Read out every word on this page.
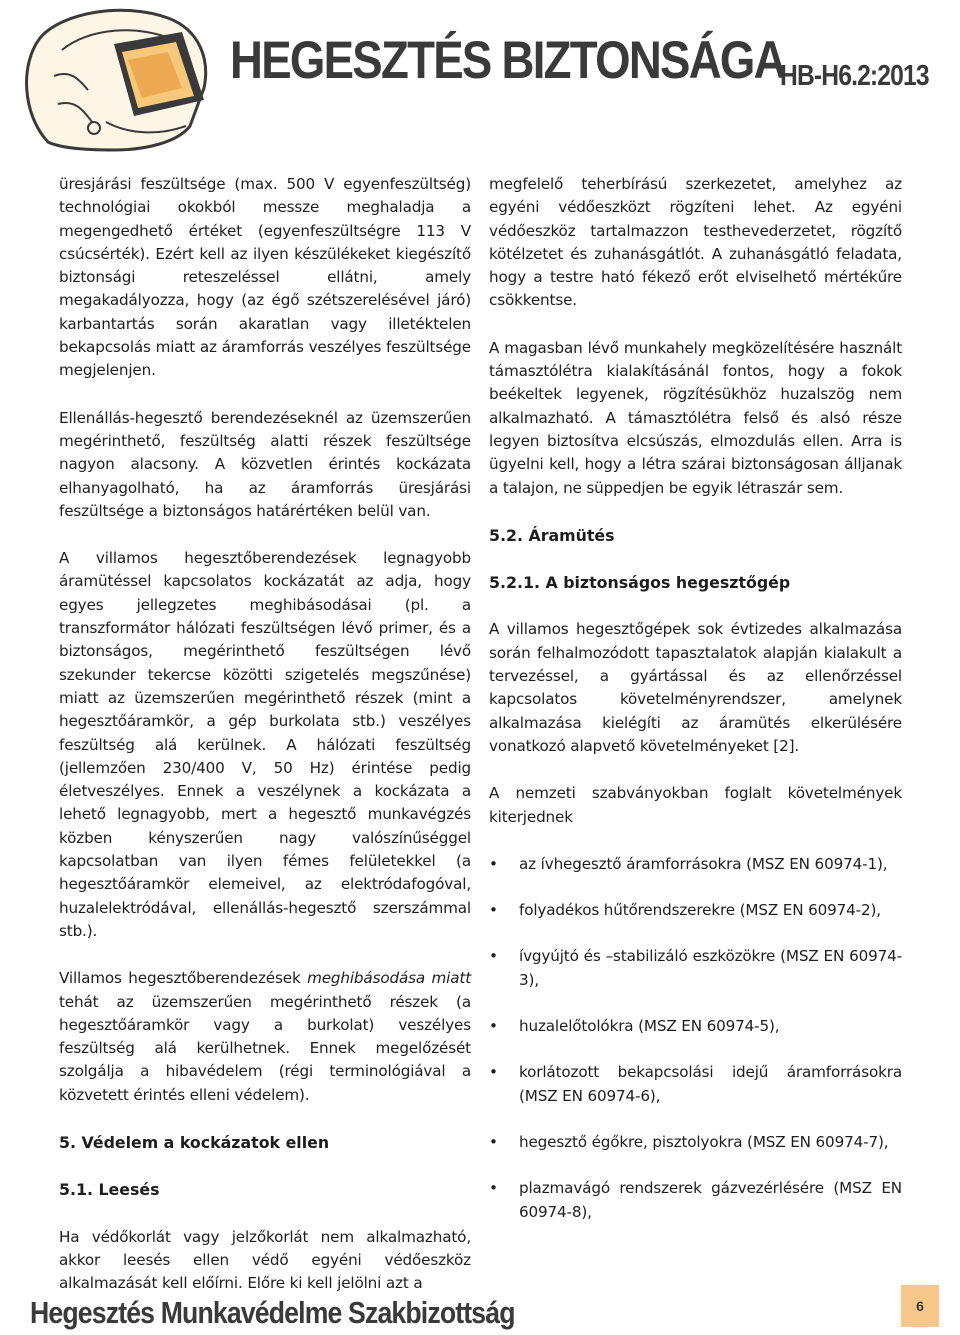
HEGESZTÉS BIZTONSÁGA
HB-H6.2:2013

üresjárási feszültsége (max. 500 V egyenfeszültség) technológiai okokból messze meghaladja a megengedhető értéket (egyenfeszültségre 113 V csúcsérték). Ezért kell az ilyen készülékeket kiegészítő biztonsági reteszeléssel ellátni, amely megakadályozza, hogy (az égő szétszerelésével járó) karbantartás során akaratlan vagy illetéktelen bekapcsolás miatt az áramforrás veszélyes feszültsége megjelenjen.

Ellenállás-hegesztő berendezéseknél az üzemszerűen megérinthető, feszültség alatti részek feszültsége nagyon alacsony. A közvetlen érintés kockázata elhanyagolható, ha az áramforrás üresjárási feszültsége a biztonságos határértéken belül van.

A villamos hegesztőberendezések legnagyobb áramütéssel kapcsolatos kockázatát az adja, hogy egyes jellegzetes meghibásodásai (pl. a transzformátor hálózati feszültségen lévő primer, és a biztonságos, megérinthető feszültségen lévő szekunder tekercse közötti szigetelés megszűnése) miatt az üzemszerűen megérinthető részek (mint a hegesztőáramkör, a gép burkolata stb.) veszélyes feszültség alá kerülnek. A hálózati feszültség (jellemzően 230/400 V, 50 Hz) érintése pedig életveszélyes. Ennek a veszélynek a kockázata a lehető legnagyobb, mert a hegesztő munkavégzés közben kényszerűen nagy valószínűséggel kapcsolatban van ilyen fémes felületekkel (a hegesztőáramkör elemeivel, az elektródafogóval, huzalelektródával, ellenállás-hegesztő szerszámmal stb.).

Villamos hegesztőberendezések meghibásodása miatt tehát az üzemszerűen megérinthető részek (a hegesztőáramkör vagy a burkolat) veszélyes feszültség alá kerülhetnek. Ennek megelőzését szolgálja a hibavédelem (régi terminológiával a közvetett érintés elleni védelem).

5. Védelem a kockázatok ellen
5.1. Leesés

Ha védőkorlát vagy jelzőkorlát nem alkalmazható, akkor leesés ellen védő egyéni védőeszköz alkalmazását kell előírni. Előre ki kell jelölni azt a

megfelelő teherbírású szerkezetet, amelyhez az egyéni védőeszközt rögzíteni lehet. Az egyéni védőeszköz tartalmazzon testhevederzetet, rögzítő kötélzetet és zuhanásgátlót. A zuhanásgátló feladata, hogy a testre ható fékező erőt elviselhető mértékűre csökkentse.

A magasban lévő munkahely megközelítésére használt támasztólétra kialakításánál fontos, hogy a fokok beékeltek legyenek, rögzítésükhöz huzalszög nem alkalmazható. A támasztólétra felső és alsó része legyen biztosítva elcsúszás, elmozdulás ellen. Arra is ügyelni kell, hogy a létra szárai biztonságosan álljanak a talajon, ne süppedjen be egyik létraszár sem.

5.2. Áramütés
5.2.1. A biztonságos hegesztőgép

A villamos hegesztőgépek sok évtizedes alkalmazása során felhalmozódott tapasztalatok alapján kialakult a tervezéssel, a gyártással és az ellenőrzéssel kapcsolatos követelményrendszer, amelynek alkalmazása kielégíti az áramütés elkerülésére vonatkozó alapvető követelményeket [2].

A nemzeti szabványokban foglalt követelmények kiterjednek

• az ívhegesztő áramforrásokra (MSZ EN 60974-1),
• folyadékos hűtőrendszerekre (MSZ EN 60974-2),
• ívgyújtó és –stabilizáló eszközökre (MSZ EN 60974-3),
• huzalelőtolókra (MSZ EN 60974-5),
• korlátozott bekapcsolási idejű áramforrásokra (MSZ EN 60974-6),
• hegesztő égőkre, pisztolyokra (MSZ EN 60974-7),
• plazmavágó rendszerek gázvezérlésére (MSZ EN 60974-8),
Hegesztés Munkavédelme Szakbizottság	6
